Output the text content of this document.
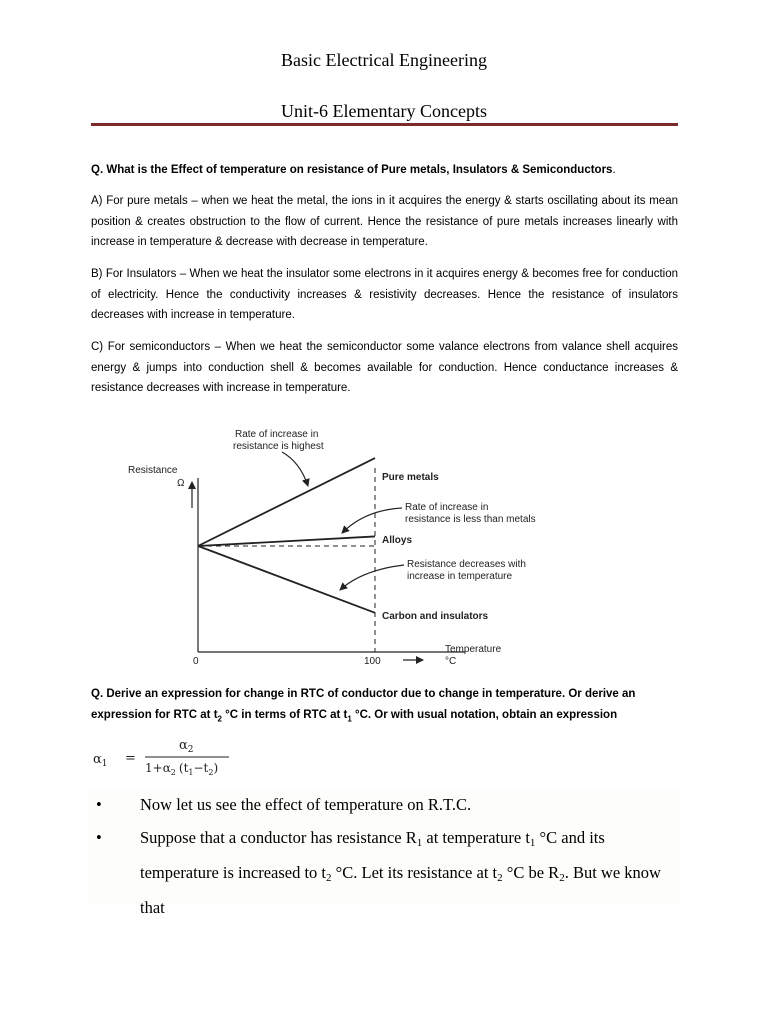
Basic Electrical Engineering
Unit-6 Elementary Concepts
Q. What is the Effect of temperature on resistance of Pure metals, Insulators & Semiconductors.
A) For pure metals – when we heat the metal, the ions in it acquires the energy & starts oscillating about its mean position & creates obstruction to the flow of current. Hence the resistance of pure metals increases linearly with increase in temperature & decrease with decrease in temperature.
B) For Insulators – When we heat the insulator some electrons in it acquires energy & becomes free for conduction of electricity. Hence the conductivity increases & resistivity decreases. Hence the resistance of insulators decreases with increase in temperature.
C) For semiconductors – When we heat the semiconductor some valance electrons from valance shell acquires energy & jumps into conduction shell & becomes available for conduction. Hence conductance increases & resistance decreases with increase in temperature.
Pure metals
Alloys
Carbon and insulators
0	100
Resistance
Ω
Temperature
°C
Rate of increase in
resistance is highest
Rate of increase in
resistance is less than metals
Resistance decreases with
increase in temperature
Q. Derive an expression for change in RTC of conductor due to change in temperature. Or derive an expression for RTC at $t_2$ °C in terms of RTC at $t_1$ °C. Or with usual notation, obtain an expression
$\alpha_1$ =
$\alpha_2$
$1+\alpha_2$ $(t_1-t_2)$
• Now let us see the effect of temperature on R.T.C.
• Suppose that a conductor has resistance R1 at temperature t1 °C and its temperature is increased to t2 °C. Let its resistance at t2 °C be R2. But we know that
